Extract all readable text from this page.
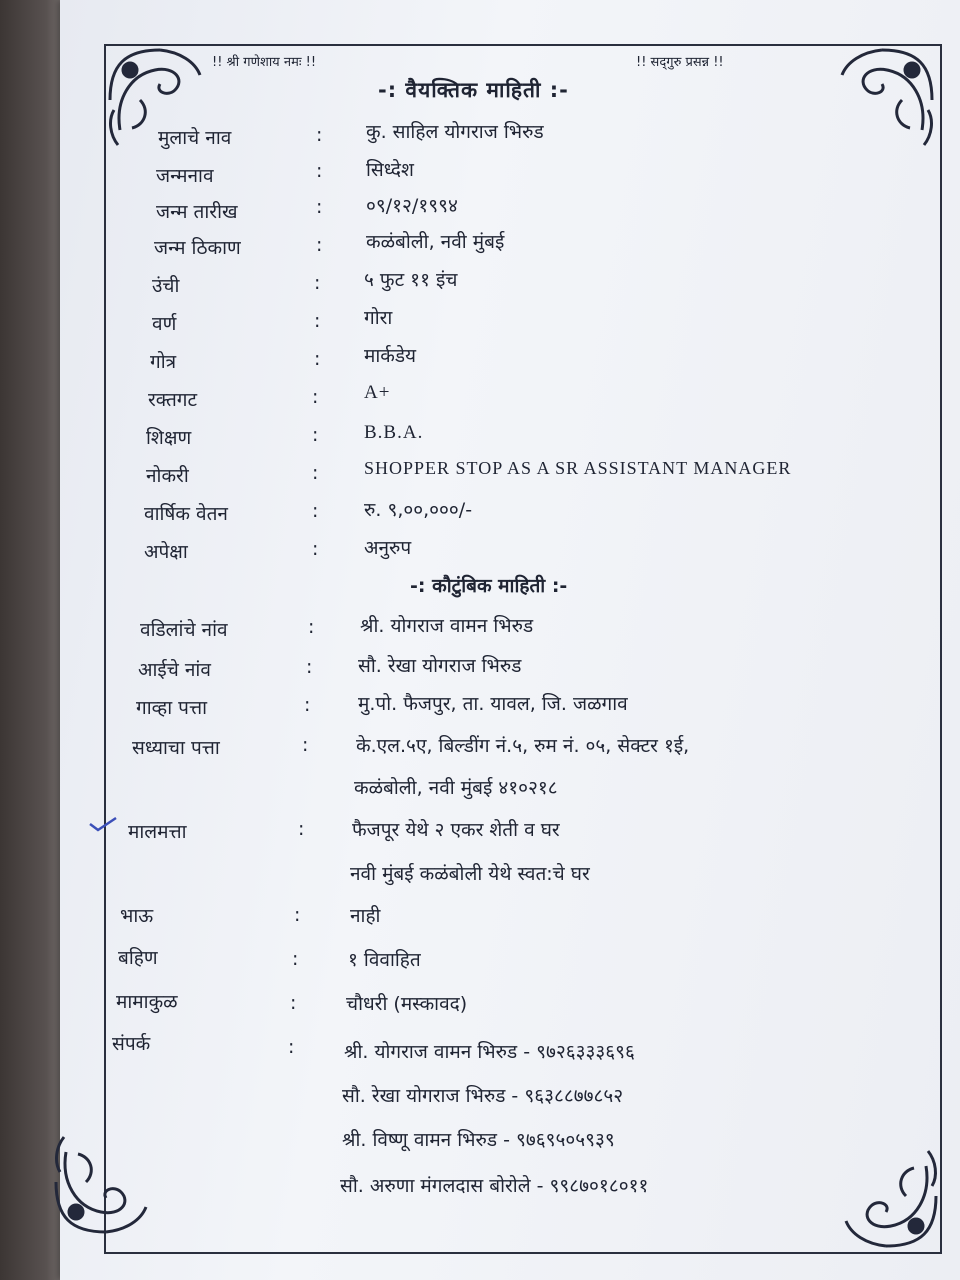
!! श्री गणेशाय नमः !!	!! सद्‌गुरु प्रसन्न !!
-: वैयक्तिक माहिती :-
मुलाचे नाव	: कु. साहिल योगराज भिरुड
जन्मनाव	: सिध्देश
जन्म तारीख	: ०९/१२/१९९४
जन्म ठिकाण	: कळंबोली, नवी मुंबई
उंची	: ५ फुट ११ इंच
वर्ण	: गोरा
गोत्र	: मार्कडेय
रक्तगट	: A+
शिक्षण	: B.B.A.
नोकरी	:	SHOPPER STOP AS A SR ASSISTANT MANAGER
वार्षिक वेतन	: रु. ९,००,०००/-
अपेक्षा	: अनुरुप
-: कौटुंबिक माहिती :-
वडिलांचे नांव	: श्री. योगराज वामन भिरुड
आईचे नांव	: सौ. रेखा योगराज भिरुड
गाव्हा पत्ता	:	मु.पो. फैजपुर, ता. यावल, जि. जळगाव
सध्याचा पत्ता	:	के.एल.५ए, बिल्डींग नं.५, रुम नं. ०५, सेक्टर १ई,
कळंबोली, नवी मुंबई ४१०२१८
मालमत्ता	:	फैजपूर येथे २ एकर शेती व घर
नवी मुंबई कळंबोली येथे स्वत:चे घर
भाऊ	:	नाही
बहिण	:	१ विवाहित
मामाकुळ	:	चौधरी (मस्कावद)
संपर्क	:	श्री. योगराज वामन भिरुड - ९७२६३३३६९६
सौ. रेखा योगराज भिरुड - ९६३८८७७८५२
श्री. विष्णू वामन भिरुड - ९७६९५०५९३९
सौ. अरुणा मंगलदास बोरोले - ९९८७०१८०११
